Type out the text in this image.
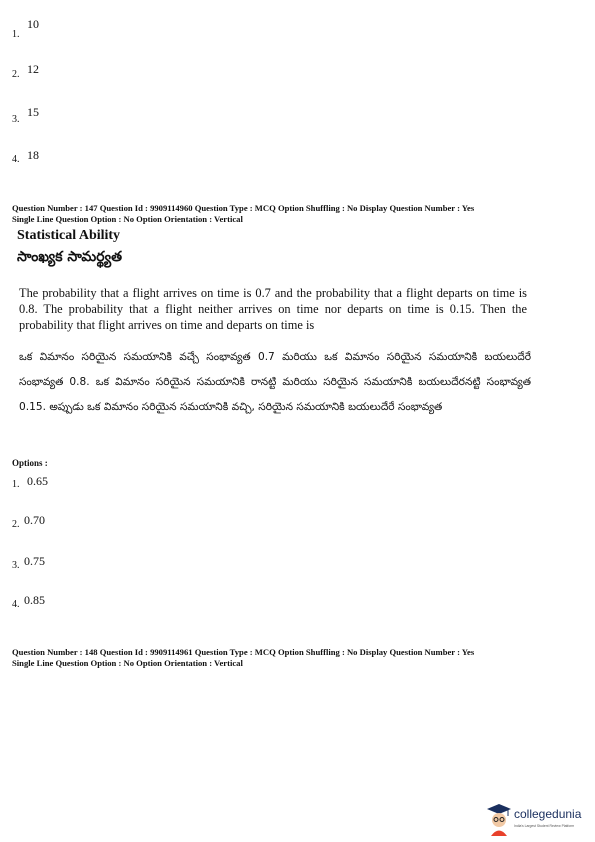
1.
10
2. 12
3.
15
4. 18
Question Number : 147 Question Id : 9909114960 Question Type : MCQ Option Shuffling : No Display Question Number : Yes
Single Line Question Option : No Option Orientation : Vertical
Statistical Ability
సాంఖ్యక సామర్థ్యత
The probability that a flight arrives on time is 0.7 and the probability that a flight departs on time is 0.8. The probability that a flight neither arrives on time nor departs on time is 0.15. Then the probability that flight arrives on time and departs on time is
ఒక విమానం సరియైన సమయానికి వచ్చే సంభావ్యత 0.7 మరియు ఒక విమానం సరియైన సమయానికి బయలుదేరే సంభావ్యత 0.8. ఒక విమానం సరియైన సమయానికి రానట్టి మరియు సరియైన సమయానికి బయలుదేరనట్టి సంభావ్యత 0.15. అప్పుడు ఒక విమానం సరియైన సమయానికి వచ్చి, సరియైన సమయానికి బయలుదేరే సంభావ్యత
Options :
1. 0.65
2. 0.70
3. 0.75
4. 0.85
Question Number : 148 Question Id : 9909114961 Question Type : MCQ Option Shuffling : No Display Question Number : Yes
Single Line Question Option : No Option Orientation : Vertical
collegedunia
India's Largest Student Review Platform
